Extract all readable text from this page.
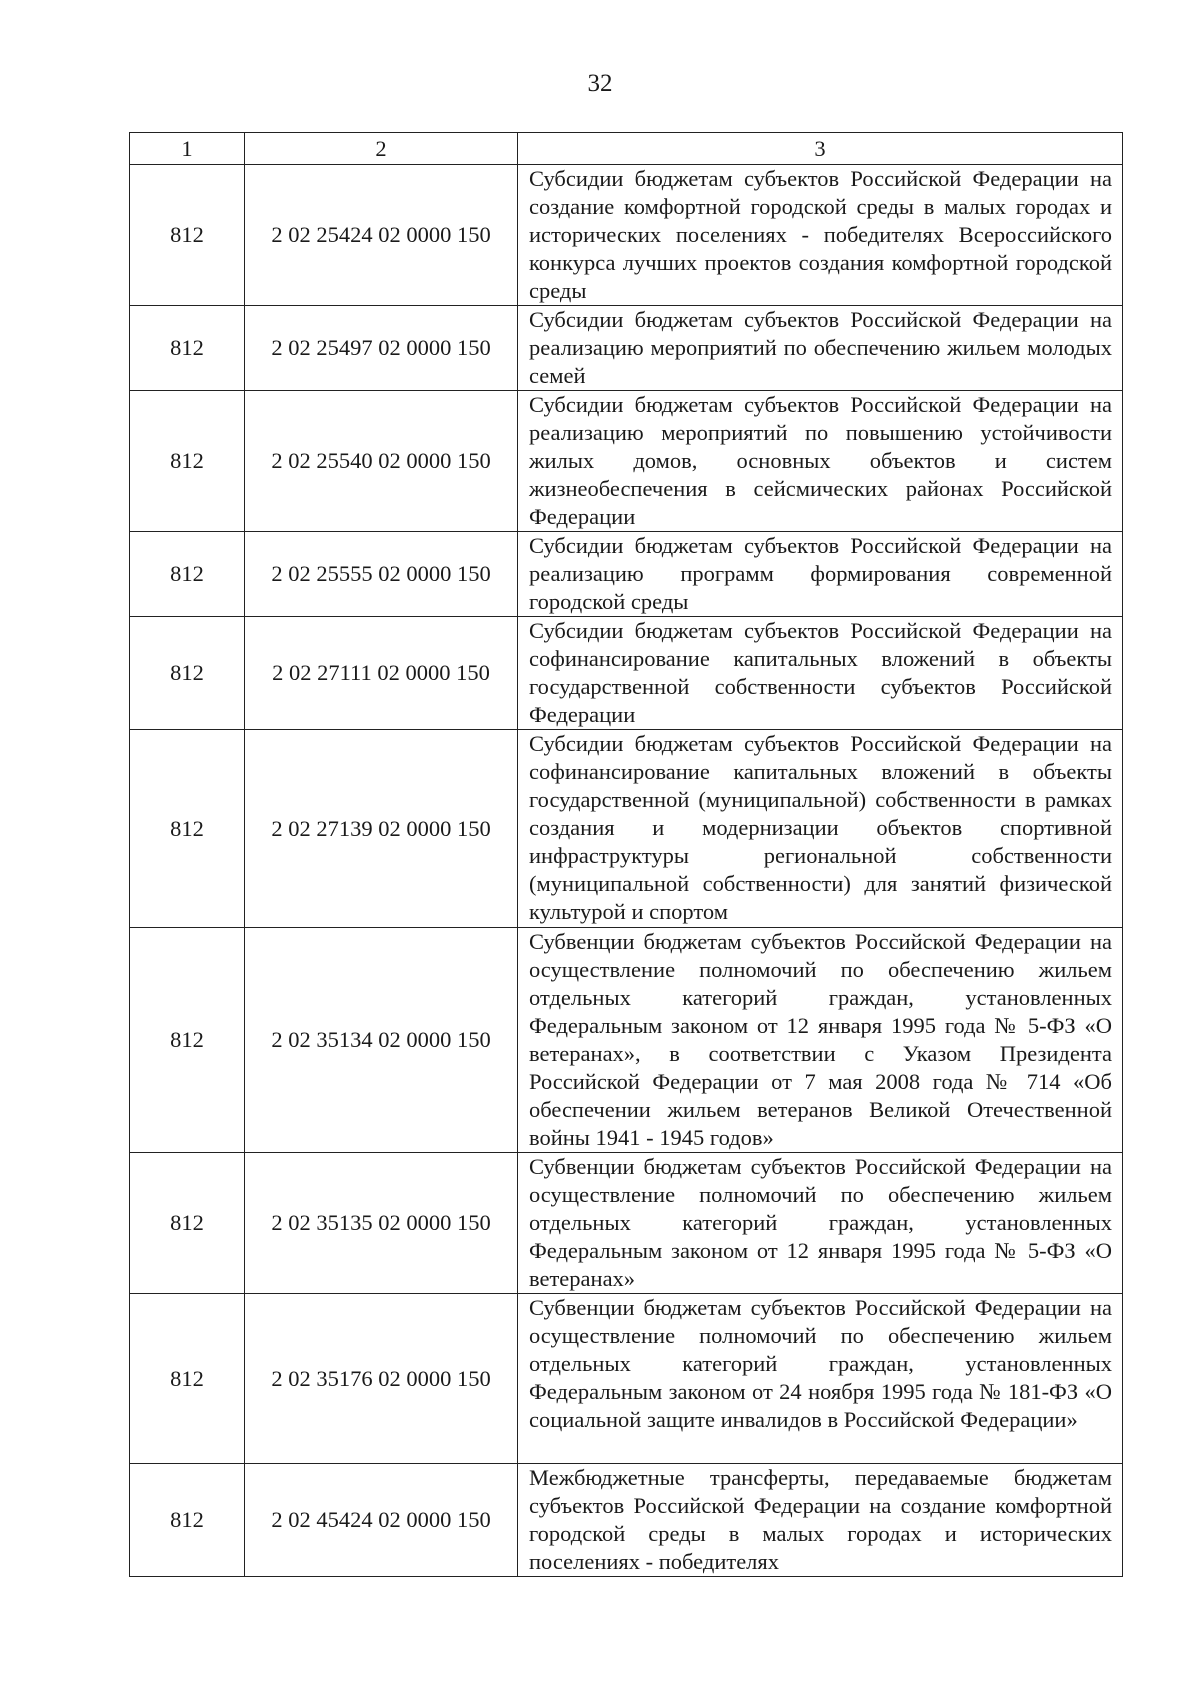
32
1	2	3
812	2 02 25424 02 0000 150	Субсидии бюджетам субъектов Российской Федерации на создание комфортной городской среды в малых городах и исторических поселениях - победителях Всероссийского конкурса лучших проектов создания комфортной городской среды
812	2 02 25497 02 0000 150	Субсидии бюджетам субъектов Российской Федерации на реализацию мероприятий по обеспечению жильем молодых семей
812	2 02 25540 02 0000 150	Субсидии бюджетам субъектов Российской Федерации на реализацию мероприятий по повышению устойчивости жилых домов, основных объектов и систем жизнеобеспечения в сейсмических районах Российской Федерации
812	2 02 25555 02 0000 150	Субсидии бюджетам субъектов Российской Федерации на реализацию программ формирования современной городской среды
812	2 02 27111 02 0000 150	Субсидии бюджетам субъектов Российской Федерации на софинансирование капитальных вложений в объекты государственной собственности субъектов Российской Федерации
812	2 02 27139 02 0000 150	Субсидии бюджетам субъектов Российской Федерации на софинансирование капитальных вложений в объекты государственной (муниципальной) собственности в рамках создания и модернизации объектов спортивной инфраструктуры региональной собственности (муниципальной собственности) для занятий физической культурой и спортом
812	2 02 35134 02 0000 150	Субвенции бюджетам субъектов Российской Федерации на осуществление полномочий по обеспечению жильем отдельных категорий граждан, установленных Федеральным законом от 12 января 1995 года № 5-ФЗ «О ветеранах», в соответствии с Указом Президента Российской Федерации от 7 мая 2008 года № 714 «Об обеспечении жильем ветеранов Великой Отечественной войны 1941 - 1945 годов»
812	2 02 35135 02 0000 150	Субвенции бюджетам субъектов Российской Федерации на осуществление полномочий по обеспечению жильем отдельных категорий граждан, установленных Федеральным законом от 12 января 1995 года № 5-ФЗ «О ветеранах»
812	2 02 35176 02 0000 150	Субвенции бюджетам субъектов Российской Федерации на осуществление полномочий по обеспечению жильем отдельных категорий граждан, установленных Федеральным законом от 24 ноября 1995 года № 181-ФЗ «О социальной защите инвалидов в Российской Федерации»
812	2 02 45424 02 0000 150	Межбюджетные трансферты, передаваемые бюджетам субъектов Российской Федерации на создание комфортной городской среды в малых городах и исторических поселениях - победителях
